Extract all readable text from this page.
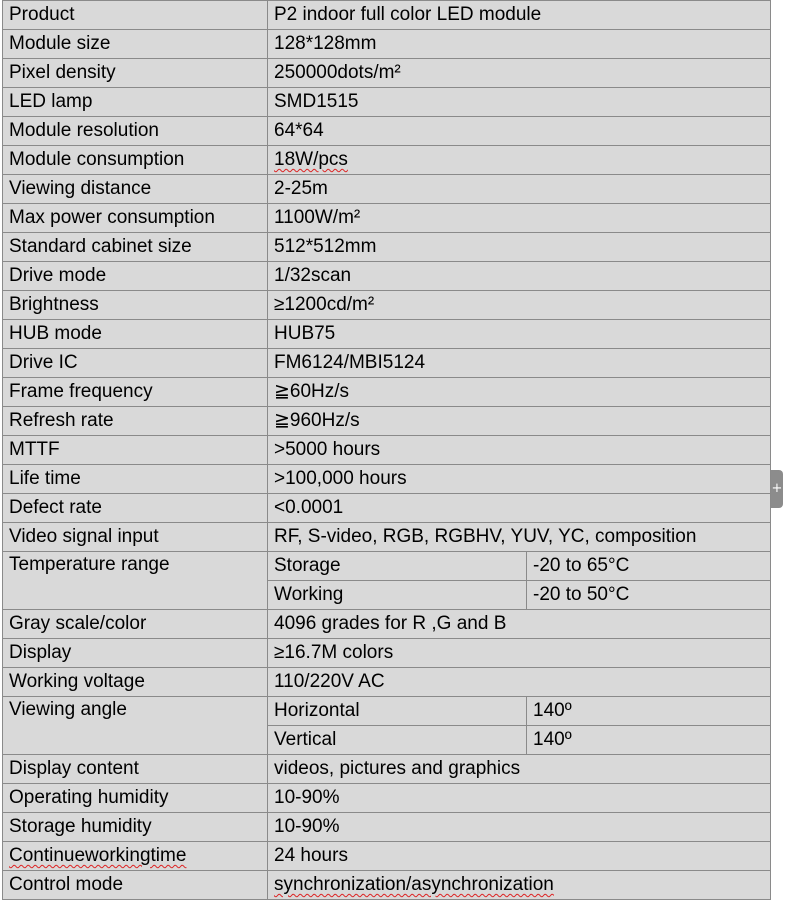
Product	P2 indoor full color LED module	
Module size	128*128mm	
Pixel density	250000dots/m²	
LED lamp	SMD1515	
Module resolution	64*64	
Module consumption	18W/pcs	
Viewing distance	2-25m	
Max power consumption	1100W/m²	
Standard cabinet size	512*512mm	
Drive mode	1/32scan	
Brightness	≥1200cd/m²	
HUB mode	HUB75	
Drive IC	FM6124/MBI5124	
Frame frequency	≧60Hz/s	
Refresh rate	≧960Hz/s	
MTTF	>5000 hours	
Life time	>100,000 hours	
Defect rate	<0.0001	
Video signal input	RF, S-video, RGB, RGBHV, YUV, YC, composition	
Temperature range	Storage	-20 to 65°C
	Working	-20 to 50°C
Gray scale/color	4096 grades for R ,G and B	
Display	≥16.7M colors	
Working voltage	110/220V AC	
Viewing angle	Horizontal	140º
	Vertical	140º
Display content	videos, pictures and graphics	
Operating humidity	10-90%	
Storage humidity	10-90%	
Continueworkingtime	24 hours	
Control mode	synchronization/asynchronization	
+
